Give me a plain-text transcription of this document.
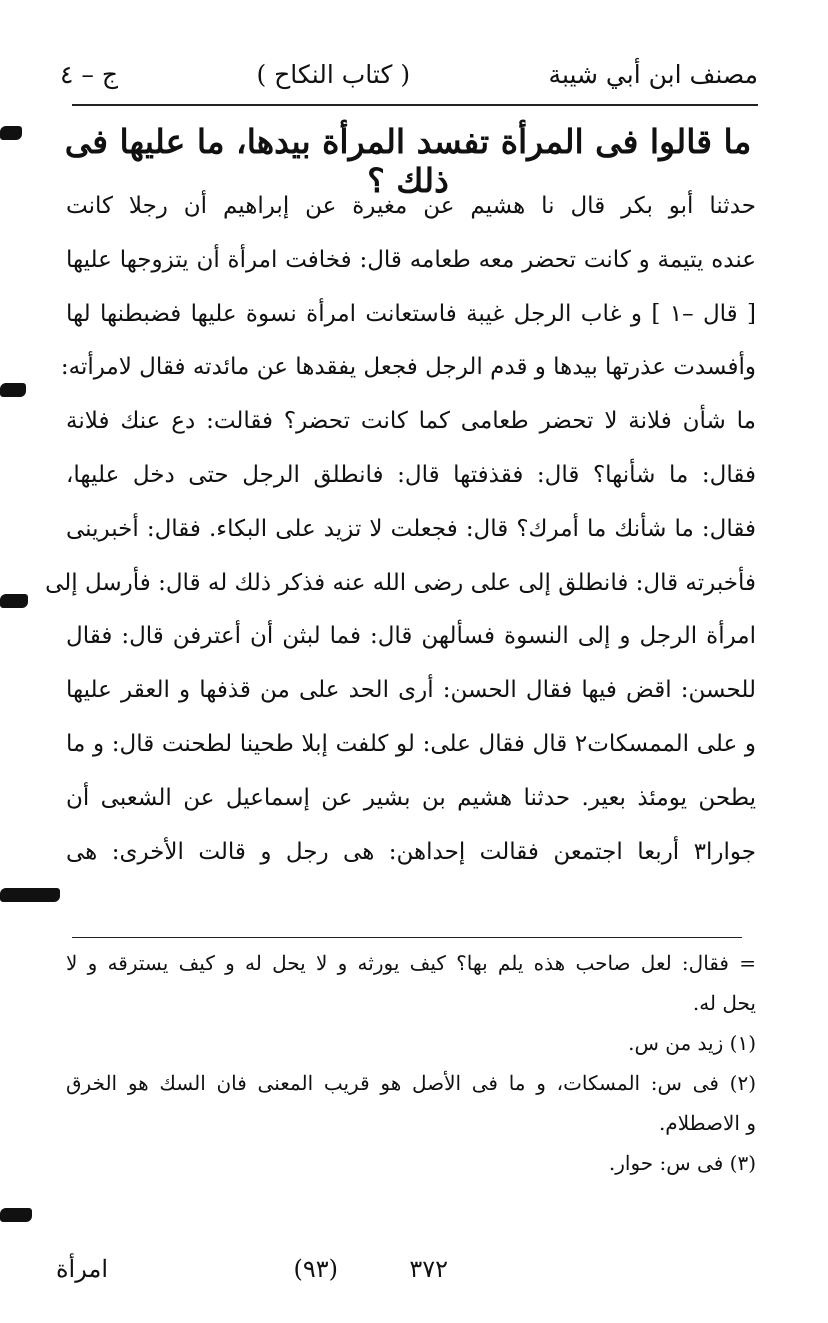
مصنف ابن أبي شيبة
( كتاب النكاح )
ج – ٤
ما قالوا فى المرأة تفسد المرأة بيدها، ما عليها فى ذلك ؟
حدثنا أبو بكر قال نا هشيم عن مغيرة عن إبراهيم أن رجلا كانت
عنده يتيمة و كانت تحضر معه طعامه قال: فخافت امرأة أن يتزوجها عليها
[ قال –١ ] و غاب الرجل غيبة فاستعانت امرأة نسوة عليها فضبطنها لها
وأفسدت عذرتها بيدها و قدم الرجل فجعل يفقدها عن مائدته فقال لامرأته:
ما شأن فلانة لا تحضر طعامى كما كانت تحضر؟ فقالت: دع عنك فلانة
فقال: ما شأنها؟ قال: فقذفتها قال: فانطلق الرجل حتى دخل عليها،
فقال: ما شأنك ما أمرك؟ قال: فجعلت لا تزيد على البكاء. فقال: أخبرينى
فأخبرته قال: فانطلق إلى على رضى الله عنه فذكر ذلك له قال: فأرسل إلى
امرأة الرجل و إلى النسوة فسألهن قال: فما لبثن أن أعترفن قال: فقال
للحسن: اقض فيها فقال الحسن: أرى الحد على من قذفها و العقر عليها
و على الممسكات٢ قال فقال على: لو كلفت إبلا طحينا لطحنت قال: و ما
يطحن يومئذ بعير. حدثنا هشيم بن بشير عن إسماعيل عن الشعبى أن
جوارا٣ أربعا اجتمعن فقالت إحداهن: هى رجل و قالت الأخرى: هى
= فقال: لعل صاحب هذه يلم بها؟ كيف يورثه و لا يحل له و كيف يسترقه و لا
يحل له.
(١) زيد من س.
(٢) فى س: المسكات، و ما فى الأصل هو قريب المعنى فان السك هو الخرق
و الاصطلام.
(٣) فى س: حوار.
٣٧٢
(٩٣)
امرأة
